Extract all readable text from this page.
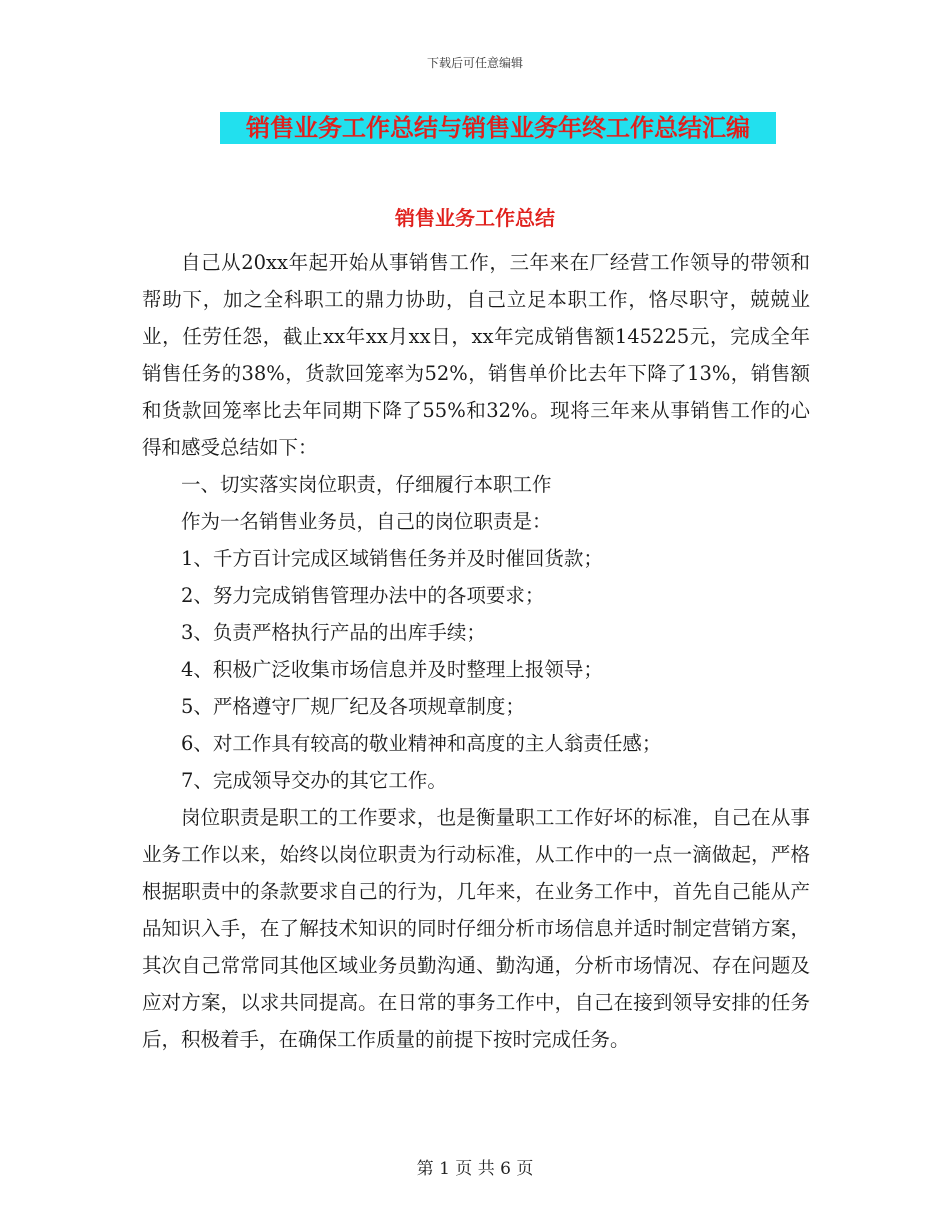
下载后可任意编辑
销售业务工作总结与销售业务年终工作总结汇编
销售业务工作总结

自己从20xx年起开始从事销售工作，三年来在厂经营工作领导的带领和帮助下，加之全科职工的鼎力协助，自己立足本职工作，恪尽职守，兢兢业业，任劳任怨，截止xx年xx月xx日，xx年完成销售额145225元，完成全年销售任务的38%，货款回笼率为52%，销售单价比去年下降了13%，销售额和货款回笼率比去年同期下降了55%和32%。现将三年来从事销售工作的心得和感受总结如下：

一、切实落实岗位职责，仔细履行本职工作

作为一名销售业务员，自己的岗位职责是：

1、千方百计完成区域销售任务并及时催回货款；

2、努力完成销售管理办法中的各项要求；

3、负责严格执行产品的出库手续；

4、积极广泛收集市场信息并及时整理上报领导；

5、严格遵守厂规厂纪及各项规章制度；

6、对工作具有较高的敬业精神和高度的主人翁责任感；

7、完成领导交办的其它工作。

岗位职责是职工的工作要求，也是衡量职工工作好坏的标准，自己在从事业务工作以来，始终以岗位职责为行动标准，从工作中的一点一滴做起，严格根据职责中的条款要求自己的行为，几年来，在业务工作中，首先自己能从产品知识入手，在了解技术知识的同时仔细分析市场信息并适时制定营销方案，其次自己常常同其他区域业务员勤沟通、勤沟通，分析市场情况、存在问题及应对方案，以求共同提高。在日常的事务工作中，自己在接到领导安排的任务后，积极着手，在确保工作质量的前提下按时完成任务。

第 1 页 共 6 页
